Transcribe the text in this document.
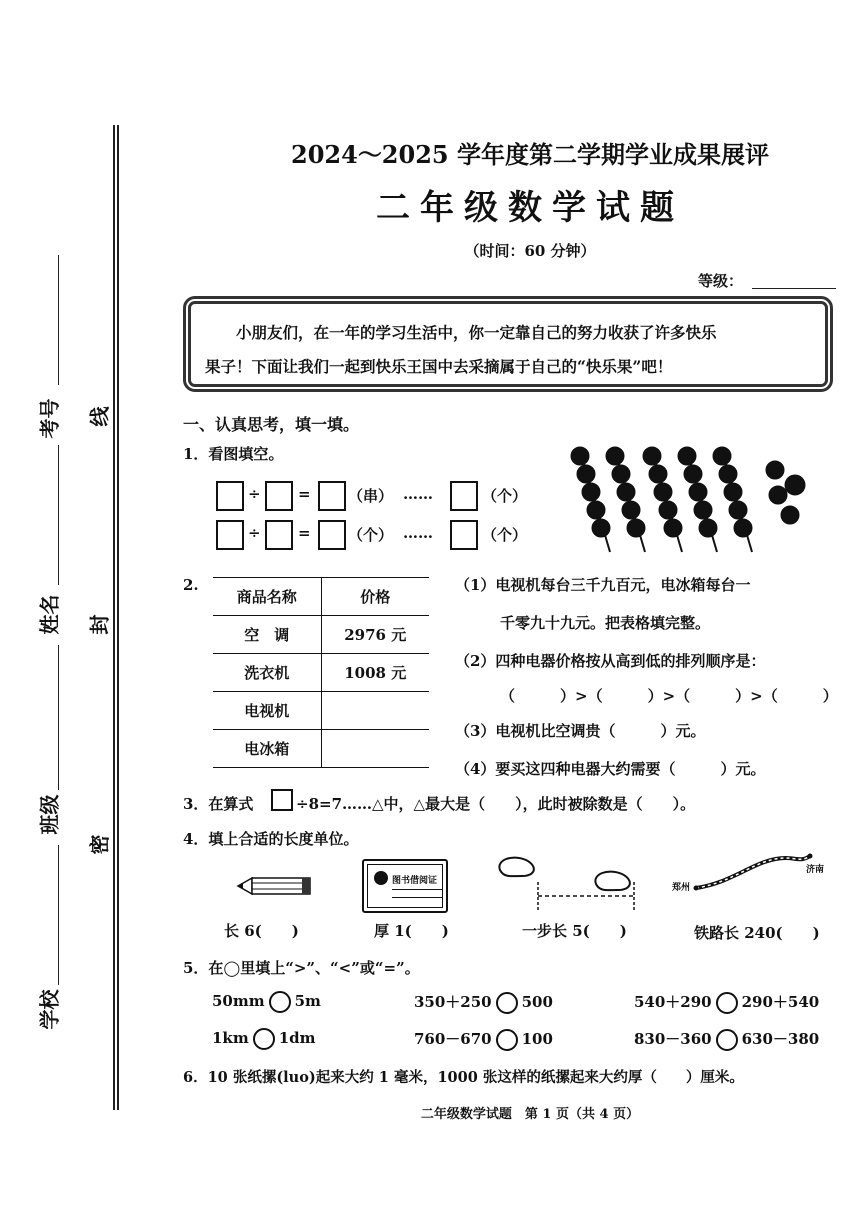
考号
姓名
班级
学校
线
封
密
2024～2025 学年度第二学期学业成果展评
二年级数学试题
（时间：60 分钟）
等级：

小朋友们，在一年的学习生活中，你一定靠自己的努力收获了许多快乐

果子！下面让我们一起到快乐王国中去采摘属于自己的“快乐果”吧！

一、认真思考，填一填。
1．看图填空。
÷ = （串） ……	（个）
÷ = （个） ……	（个）
2.
商品名称	价格
空　调	2976 元
洗衣机	1008 元
电视机	
电冰箱	
（1）电视机每台三千九百元，电冰箱每台一
千零九十九元。把表格填完整。
（2）四种电器价格按从高到低的排列顺序是：
（　　　）>（　　　）>（　　　）>（　　　）
（3）电视机比空调贵（　　　）元。
（4）要买这四种电器大约需要（　　　）元。
3．在算式	÷8=7……△中，△最大是（　　），此时被除数是（　　）。
4．填上合适的长度单位。
图书借阅证
郑州
济南
长 6(　　)	厚 1(　　)	一步长 5(　　)	铁路长 240(　　)
5．在◯里填上“>”、“<”或“=”。
50mm 5m	350＋250 500	540＋290 290＋540
1km 1dm	760－670 100	830－360 630－380
6．10 张纸摞(luo)起来大约 1 毫米，1000 张这样的纸摞起来大约厚（　　）厘米。
二年级数学试题　第 1 页（共 4 页）
